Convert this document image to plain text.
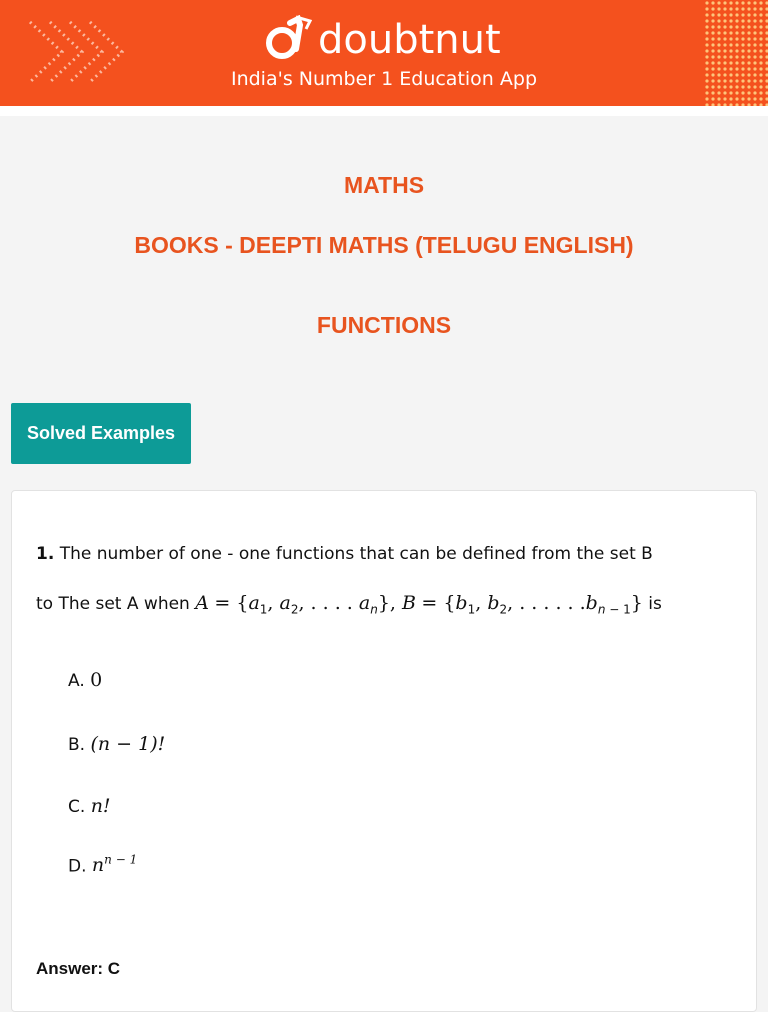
doubtnut
India's Number 1 Education App
MATHS
BOOKS - DEEPTI MATHS (TELUGU ENGLISH)
FUNCTIONS
Solved Examples
1. The number of one - one functions that can be defined from the set B
to The set A when $A = \{a_1$, $a_2$, . . . . $a_n$}, $B = \{b_1$, $b_2$, . . . . . $.b_{n - 1}$} is
A. 0
B. (n − 1)!
C. n!
D. $n^{n - 1}$
Answer: C
